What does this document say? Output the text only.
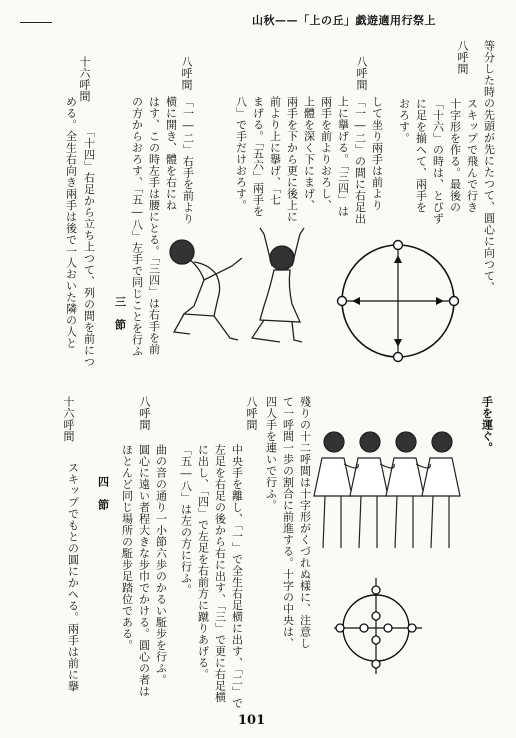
山秋——「上の丘」戯遊適用行祭上
八呼間 等分した時の先頭が先にたつて、圓心に向つて、
スキップで飛んで行き
十字形を作る。最後の
「十六」の時は、とびず
に足を揃へて、兩手を
おろす。
八呼間
して坐り兩手は前より
「一―二」の間に右足出
上に擧げる。「三四」は
兩手を前よりおろし、
上體を深く下にまげ、
兩手を下から更に後上に
前より上に擧げ、「七
まげる。「五六」兩手を
八」で手だけおろす。
八呼間
「一―二」右手を前より
横に開き、體を右にね
はす、この時左手は腰にとる。「三四」は右手を前
の方からおろす、「五―八」左手で同じことを行ふ
三　節
十六呼間
「十四」右足から立ち上つて、列の間を前につ
める。全生右向き兩手は後で一人おいた隣の人と
手を運ぐ。
殘りの十二呼間は十字形がくづれぬ樣に、注意し
て一呼間一歩の割合に前進する。十字の中央は、
四人手を連いで行ふ。
八呼間
中央手を離し、「一」で全生右足横に出す、「二」で
左足を右足の後から右に出す、「三」で更に右足横
に出し、「四」で左足を右前方に蹴りあげる。
「五―八」は左の方に行ふ。
八呼間
曲の音の通り一小節六歩のかるい駈步を行ふ。
圓心に遠い者程大きな步巾でかける。圓心の者は
ほとんど同じ場所の駈步足踏位である。
四　節
十六呼間
スキップでもとの圓にかへる。兩手は前に擧
101
